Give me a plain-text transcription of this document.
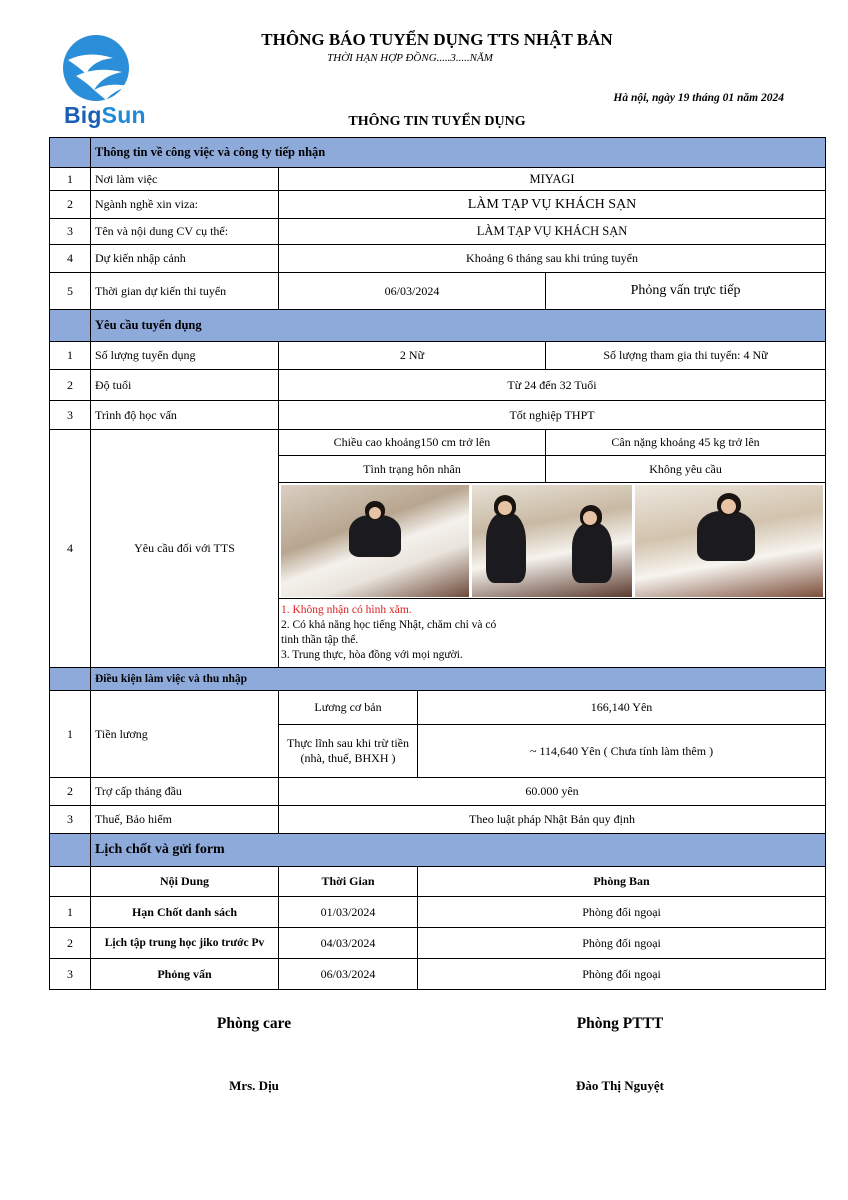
BigSun
THÔNG BÁO TUYỂN DỤNG TTS NHẬT BẢN
THỜI HẠN HỢP ĐỒNG.....3.....NĂM
Hà nội, ngày 19 tháng 01 năm 2024
THÔNG TIN TUYỂN DỤNG
	Thông tin về công việc và công ty tiếp nhận			
1	Nơi làm việc	MIYAGI		
2	Ngành nghề xin viza:	LÀM TẠP VỤ KHÁCH SẠN		
3	Tên và nội dung CV cụ thể:	LÀM TẠP VỤ KHÁCH SẠN		
4	Dự kiến nhập cảnh	Khoảng 6 tháng sau khi trúng tuyển		
5	Thời gian dự kiến thi tuyển	06/03/2024		Phỏng vấn trực tiếp
	Yêu cầu tuyển dụng			
1	Số lượng tuyển dụng	2 Nữ		Số lượng tham gia thi tuyển: 4 Nữ
2	Độ tuổi	Từ 24 đến 32 Tuổi		
3	Trình độ học vấn	Tốt nghiệp THPT		
4	Yêu cầu đối với TTS	Chiều cao khoảng150 cm trở lên		Cân nặng khoảng 45 kg trở lên
		Tình trạng hôn nhân		Không yêu cầu

		1. Không nhận có hình xăm.
2. Có khả năng học tiếng Nhật, chăm chỉ và có
tinh thần tập thể.
3. Trung thực, hòa đồng với mọi người.		

	Điều kiện làm việc và thu nhập			
1	Tiền lương	Lương cơ bản	166,140 Yên	

		Thực lĩnh sau khi trừ tiền
(nhà, thuế, BHXH )	~ 114,640 Yên ( Chưa tính làm thêm )	
2	Trợ cấp tháng đầu	60.000 yên		
3	Thuế, Bảo hiểm	Theo luật pháp Nhật Bản quy định		
	Lịch chốt và gửi form			
	Nội Dung	Thời Gian	Phòng Ban	
1	Hạn Chốt danh sách	01/03/2024	Phòng đối ngoại	
2	Lịch tập trung học jiko trước Pv	04/03/2024	Phòng đối ngoại	
3	Phỏng vấn	06/03/2024	Phòng đối ngoại	
Phòng care	Phòng PTTT
Mrs. Dịu	Đào Thị Nguyệt
